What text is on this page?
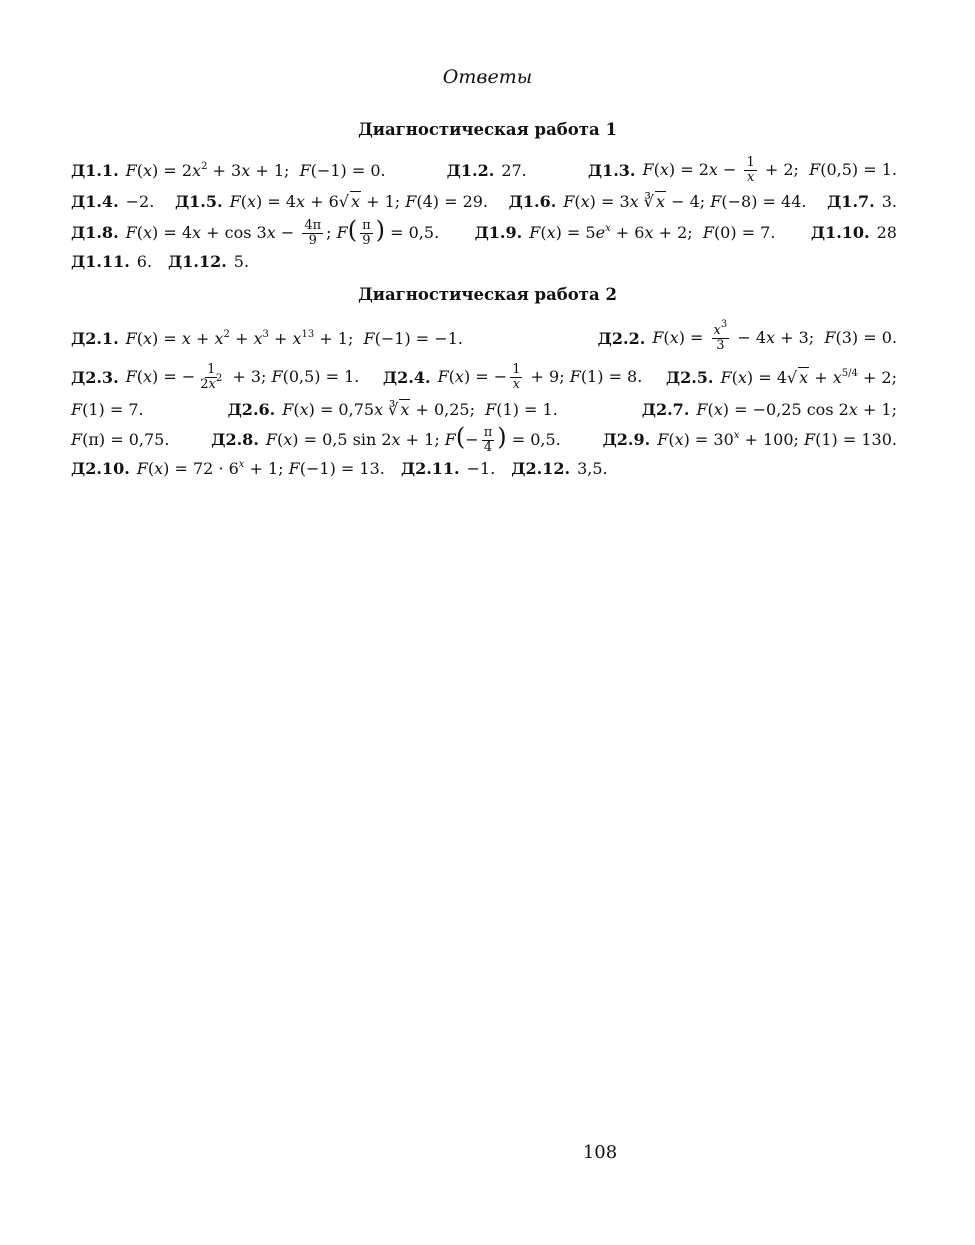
Ответы
Диагностическая работа 1
Д1.1. $F(x) = 2x^2 + 3x + 1$;  F(−1) = 0.	Д1.2. 27.	Д1.3. $F(x) = 2x - \frac{1}{x} + 2$;  F(0,5) = 1.
Д1.4. −2. Д1.5. F(x) = 4x + 6√ x + 1; F(4) = 29. Д1.6. F(x) = 3x ∛ x − 4; F(−8) = 44. Д1.7. 3.
Д1.8. $F(x) = 4x + \cos 3x - \frac{4\pi}{9}$ ; $F( \frac{\pi}{9}$ ) = 0,5. Д1.9. $F(x) = 5e^x + 6x + 2$;  F(0) = 7. Д1.10. 28
Д1.11. 6. Д1.12. 5.
Диагностическая работа 2
Д2.1. $F(x) = x + x^2 + x^3 + x^{13} + 1$;  F(−1) = −1.	Д2.2. $F(x) = \frac{x^3}{3} - 4x + 3$;  F(3) = 0.
Д2.3. F(x) = − $\frac{1}{2x^2} + 3$; F(0,5) = 1. Д2.4. F(x) = − $\frac{1}{x} + 9$; F(1) = 8. Д2.5. F(x) = 4√ $x + x^{5/4} + 2$;
F(1) = 7.	Д2.6. F(x) = 0,75x ∛ x + 0,25;  F(1) = 1.	Д2.7. F(x) = −0,25 cos 2x + 1;
F(π) = 0,75.	Д2.8. F(x) = 0,5 sin 2x + 1; $F(- \frac{\pi}{4}$ ) = 0,5.	Д2.9. $F(x) = 30^x + 100$; F(1) = 130.
Д2.10. $F(x) = 72 \cdot 6^x + 1$; F(−1) = 13. Д2.11. −1. Д2.12. 3,5.
108
